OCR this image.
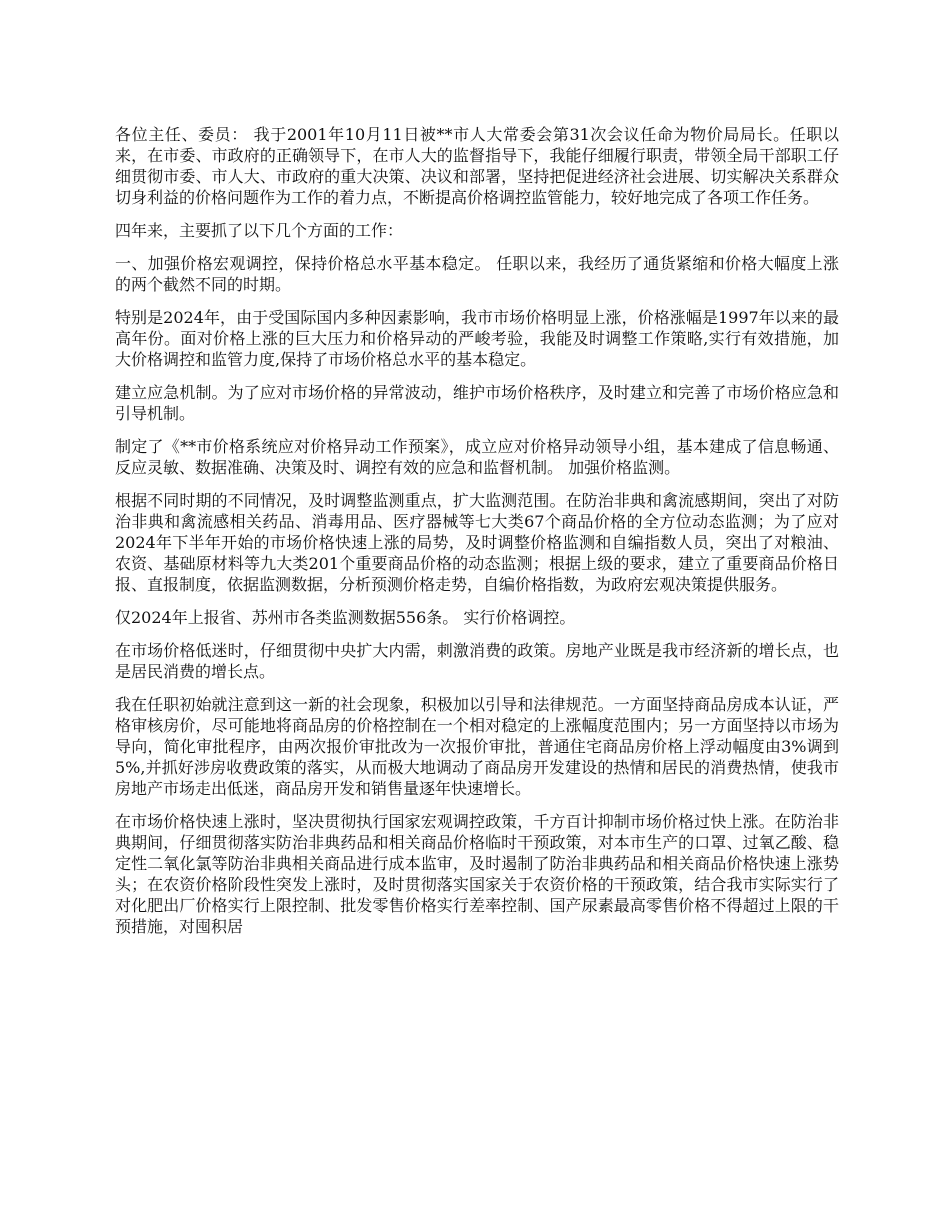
各位主任、委员： 我于2001年10月11日被**市人大常委会第31次会议任命为物价局局长。任职以来，在市委、市政府的正确领导下，在市人大的监督指导下，我能仔细履行职责，带领全局干部职工仔细贯彻市委、市人大、市政府的重大决策、决议和部署，坚持把促进经济社会进展、切实解决关系群众切身利益的价格问题作为工作的着力点，不断提高价格调控监管能力，较好地完成了各项工作任务。

四年来，主要抓了以下几个方面的工作：

一、加强价格宏观调控，保持价格总水平基本稳定。 任职以来，我经历了通货紧缩和价格大幅度上涨的两个截然不同的时期。

特别是2024年，由于受国际国内多种因素影响，我市市场价格明显上涨，价格涨幅是1997年以来的最高年份。面对价格上涨的巨大压力和价格异动的严峻考验，我能及时调整工作策略,实行有效措施，加大价格调控和监管力度,保持了市场价格总水平的基本稳定。

建立应急机制。为了应对市场价格的异常波动，维护市场价格秩序，及时建立和完善了市场价格应急和引导机制。

制定了《**市价格系统应对价格异动工作预案》，成立应对价格异动领导小组，基本建成了信息畅通、反应灵敏、数据准确、决策及时、调控有效的应急和监督机制。 加强价格监测。

根据不同时期的不同情况，及时调整监测重点，扩大监测范围。在防治非典和禽流感期间，突出了对防治非典和禽流感相关药品、消毒用品、医疗器械等七大类67个商品价格的全方位动态监测；为了应对2024年下半年开始的市场价格快速上涨的局势，及时调整价格监测和自编指数人员，突出了对粮油、农资、基础原材料等九大类201个重要商品价格的动态监测；根据上级的要求，建立了重要商品价格日报、直报制度，依据监测数据，分析预测价格走势，自编价格指数，为政府宏观决策提供服务。

仅2024年上报省、苏州市各类监测数据556条。 实行价格调控。

在市场价格低迷时，仔细贯彻中央扩大内需，刺激消费的政策。房地产业既是我市经济新的增长点，也是居民消费的增长点。

我在任职初始就注意到这一新的社会现象，积极加以引导和法律规范。一方面坚持商品房成本认证，严格审核房价，尽可能地将商品房的价格控制在一个相对稳定的上涨幅度范围内；另一方面坚持以市场为导向，简化审批程序，由两次报价审批改为一次报价审批，普通住宅商品房价格上浮动幅度由3%调到5%,并抓好涉房收费政策的落实，从而极大地调动了商品房开发建设的热情和居民的消费热情，使我市房地产市场走出低迷，商品房开发和销售量逐年快速增长。

在市场价格快速上涨时，坚决贯彻执行国家宏观调控政策，千方百计抑制市场价格过快上涨。在防治非典期间，仔细贯彻落实防治非典药品和相关商品价格临时干预政策，对本市生产的口罩、过氧乙酸、稳定性二氧化氯等防治非典相关商品进行成本监审，及时遏制了防治非典药品和相关商品价格快速上涨势头；在农资价格阶段性突发上涨时，及时贯彻落实国家关于农资价格的干预政策，结合我市实际实行了对化肥出厂价格实行上限控制、批发零售价格实行差率控制、国产尿素最高零售价格不得超过上限的干预措施，对囤积居
